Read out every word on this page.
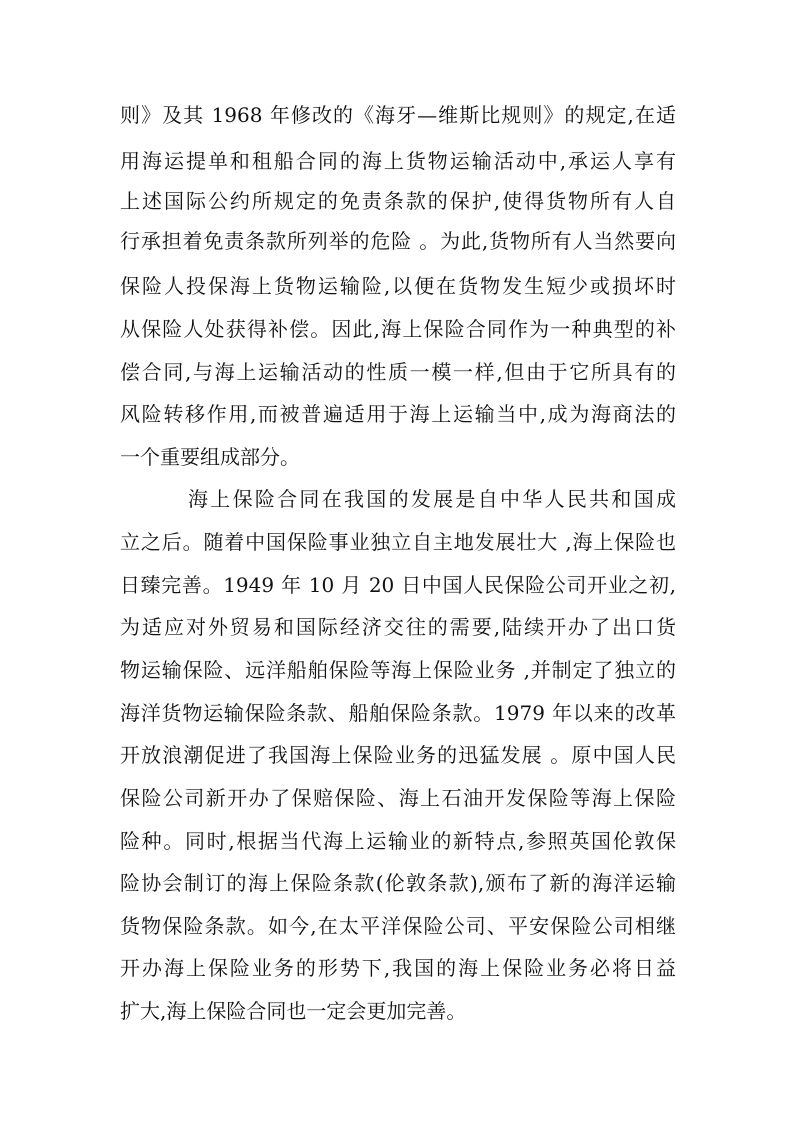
则》及其 1968 年修改的《海牙—维斯比规则》的规定,在适
用海运提单和租船合同的海上货物运输活动中,承运人享有
上述国际公约所规定的免责条款的保护,使得货物所有人自
行承担着免责条款所列举的危险 。为此,货物所有人当然要向
保险人投保海上货物运输险,以便在货物发生短少或损坏时
从保险人处获得补偿。因此,海上保险合同作为一种典型的补
偿合同,与海上运输活动的性质一模一样,但由于它所具有的
风险转移作用,而被普遍适用于海上运输当中,成为海商法的
一个重要组成部分。
海上保险合同在我国的发展是自中华人民共和国成
立之后。随着中国保险事业独立自主地发展壮大 ,海上保险也
日臻完善。1949 年 10 月 20 日中国人民保险公司开业之初,
为适应对外贸易和国际经济交往的需要,陆续开办了出口货
物运输保险、远洋船舶保险等海上保险业务 ,并制定了独立的
海洋货物运输保险条款、船舶保险条款。1979 年以来的改革
开放浪潮促进了我国海上保险业务的迅猛发展 。原中国人民
保险公司新开办了保赔保险、海上石油开发保险等海上保险
险种。同时,根据当代海上运输业的新特点,参照英国伦敦保
险协会制订的海上保险条款(伦敦条款),颁布了新的海洋运输
货物保险条款。如今,在太平洋保险公司、平安保险公司相继
开办海上保险业务的形势下,我国的海上保险业务必将日益
扩大,海上保险合同也一定会更加完善。
